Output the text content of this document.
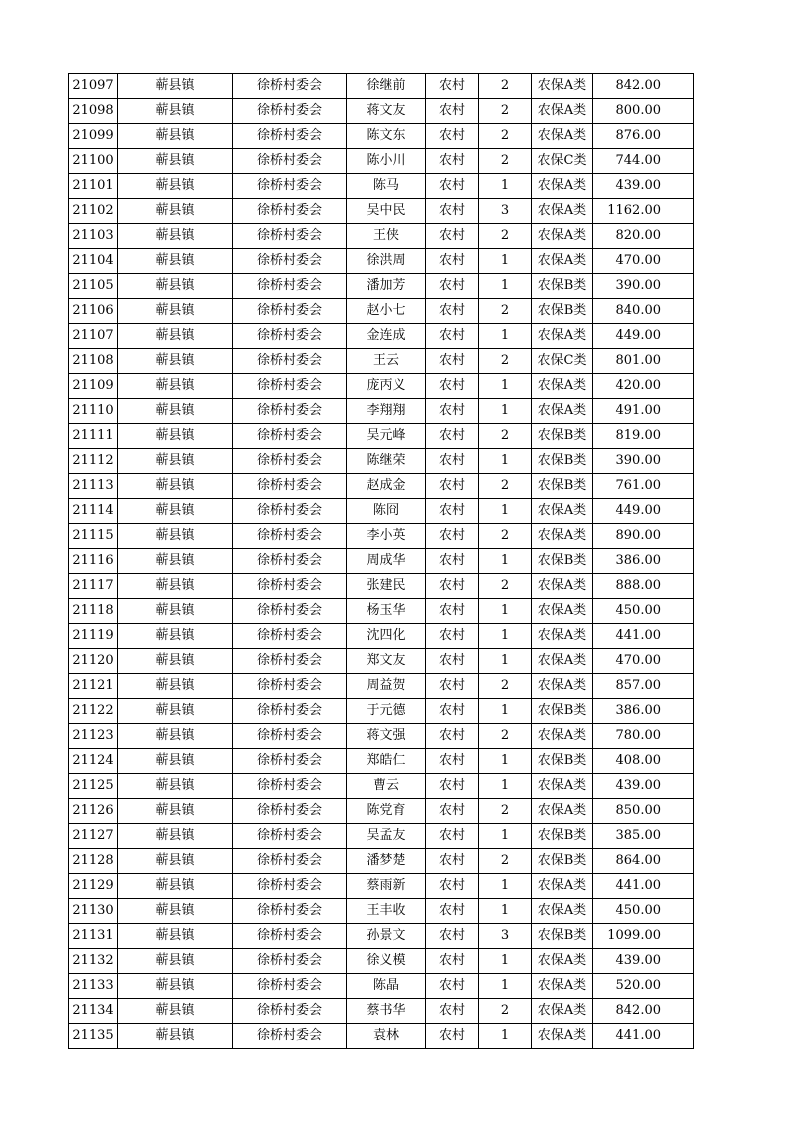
21097	蕲县镇	徐桥村委会	徐继前	农村	2	农保A类	842.00
21098	蕲县镇	徐桥村委会	蒋文友	农村	2	农保A类	800.00
21099	蕲县镇	徐桥村委会	陈文东	农村	2	农保A类	876.00
21100	蕲县镇	徐桥村委会	陈小川	农村	2	农保C类	744.00
21101	蕲县镇	徐桥村委会	陈马	农村	1	农保A类	439.00
21102	蕲县镇	徐桥村委会	吴中民	农村	3	农保A类	1162.00
21103	蕲县镇	徐桥村委会	王侠	农村	2	农保A类	820.00
21104	蕲县镇	徐桥村委会	徐洪周	农村	1	农保A类	470.00
21105	蕲县镇	徐桥村委会	潘加芳	农村	1	农保B类	390.00
21106	蕲县镇	徐桥村委会	赵小七	农村	2	农保B类	840.00
21107	蕲县镇	徐桥村委会	金连成	农村	1	农保A类	449.00
21108	蕲县镇	徐桥村委会	王云	农村	2	农保C类	801.00
21109	蕲县镇	徐桥村委会	庞丙义	农村	1	农保A类	420.00
21110	蕲县镇	徐桥村委会	李翔翔	农村	1	农保A类	491.00
21111	蕲县镇	徐桥村委会	吴元峰	农村	2	农保B类	819.00
21112	蕲县镇	徐桥村委会	陈继荣	农村	1	农保B类	390.00
21113	蕲县镇	徐桥村委会	赵成金	农村	2	农保B类	761.00
21114	蕲县镇	徐桥村委会	陈冏	农村	1	农保A类	449.00
21115	蕲县镇	徐桥村委会	李小英	农村	2	农保A类	890.00
21116	蕲县镇	徐桥村委会	周成华	农村	1	农保B类	386.00
21117	蕲县镇	徐桥村委会	张建民	农村	2	农保A类	888.00
21118	蕲县镇	徐桥村委会	杨玉华	农村	1	农保A类	450.00
21119	蕲县镇	徐桥村委会	沈四化	农村	1	农保A类	441.00
21120	蕲县镇	徐桥村委会	郑文友	农村	1	农保A类	470.00
21121	蕲县镇	徐桥村委会	周益贺	农村	2	农保A类	857.00
21122	蕲县镇	徐桥村委会	于元德	农村	1	农保B类	386.00
21123	蕲县镇	徐桥村委会	蒋文强	农村	2	农保A类	780.00
21124	蕲县镇	徐桥村委会	郑皓仁	农村	1	农保B类	408.00
21125	蕲县镇	徐桥村委会	曹云	农村	1	农保A类	439.00
21126	蕲县镇	徐桥村委会	陈党育	农村	2	农保A类	850.00
21127	蕲县镇	徐桥村委会	吴孟友	农村	1	农保B类	385.00
21128	蕲县镇	徐桥村委会	潘梦楚	农村	2	农保B类	864.00
21129	蕲县镇	徐桥村委会	蔡雨新	农村	1	农保A类	441.00
21130	蕲县镇	徐桥村委会	王丰收	农村	1	农保A类	450.00
21131	蕲县镇	徐桥村委会	孙景文	农村	3	农保B类	1099.00
21132	蕲县镇	徐桥村委会	徐义模	农村	1	农保A类	439.00
21133	蕲县镇	徐桥村委会	陈晶	农村	1	农保A类	520.00
21134	蕲县镇	徐桥村委会	蔡书华	农村	2	农保A类	842.00
21135	蕲县镇	徐桥村委会	袁林	农村	1	农保A类	441.00
